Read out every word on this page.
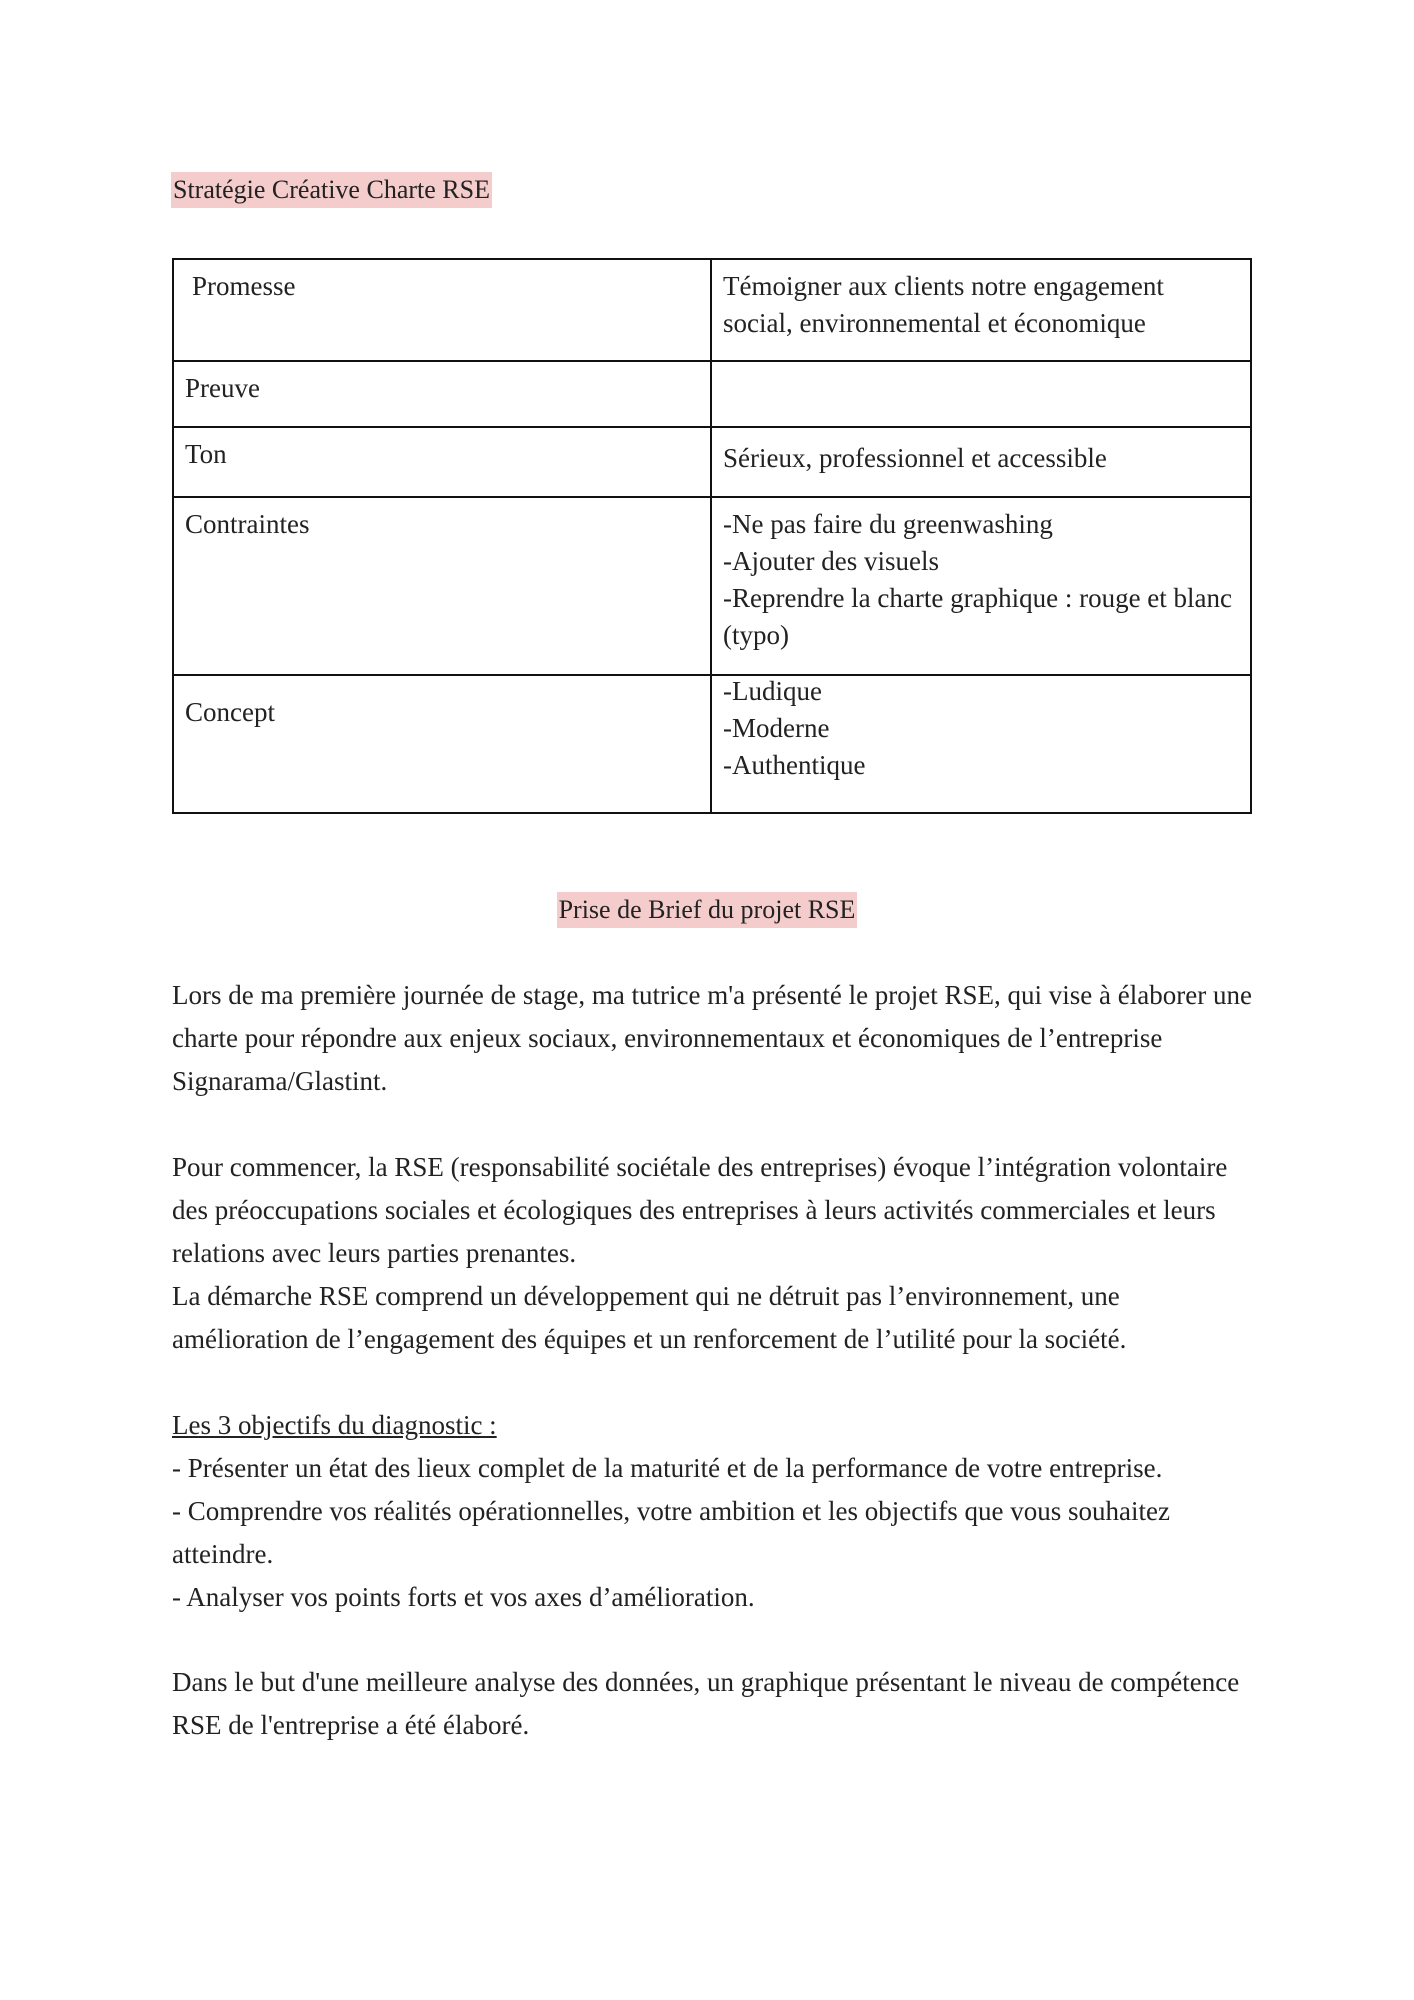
Stratégie Créative Charte RSE
Promesse	Témoigner aux clients notre engagement
social, environnemental et économique

Preuve	
Ton	Sérieux, professionnel et accessible

Contraintes	-Ne pas faire du greenwashing
-Ajouter des visuels
-Reprendre la charte graphique : rouge et blanc
(typo)

Concept	-Ludique
-Moderne
-Authentique
Prise de Brief du projet RSE

Lors de ma première journée de stage, ma tutrice m'a présenté le projet RSE, qui vise à élaborer une charte pour répondre aux enjeux sociaux, environnementaux et économiques de l’entreprise Signarama/Glastint.

Pour commencer, la RSE (responsabilité sociétale des entreprises) évoque l’intégration volontaire des préoccupations sociales et écologiques des entreprises à leurs activités commerciales et leurs relations avec leurs parties prenantes.

La démarche RSE comprend un développement qui ne détruit pas l’environnement, une amélioration de l’engagement des équipes et un renforcement de l’utilité pour la société.

Les 3 objectifs du diagnostic :

- Présenter un état des lieux complet de la maturité et de la performance de votre entreprise.

- Comprendre vos réalités opérationnelles, votre ambition et les objectifs que vous souhaitez atteindre.

- Analyser vos points forts et vos axes d’amélioration.

Dans le but d'une meilleure analyse des données, un graphique présentant le niveau de compétence RSE de l'entreprise a été élaboré.
